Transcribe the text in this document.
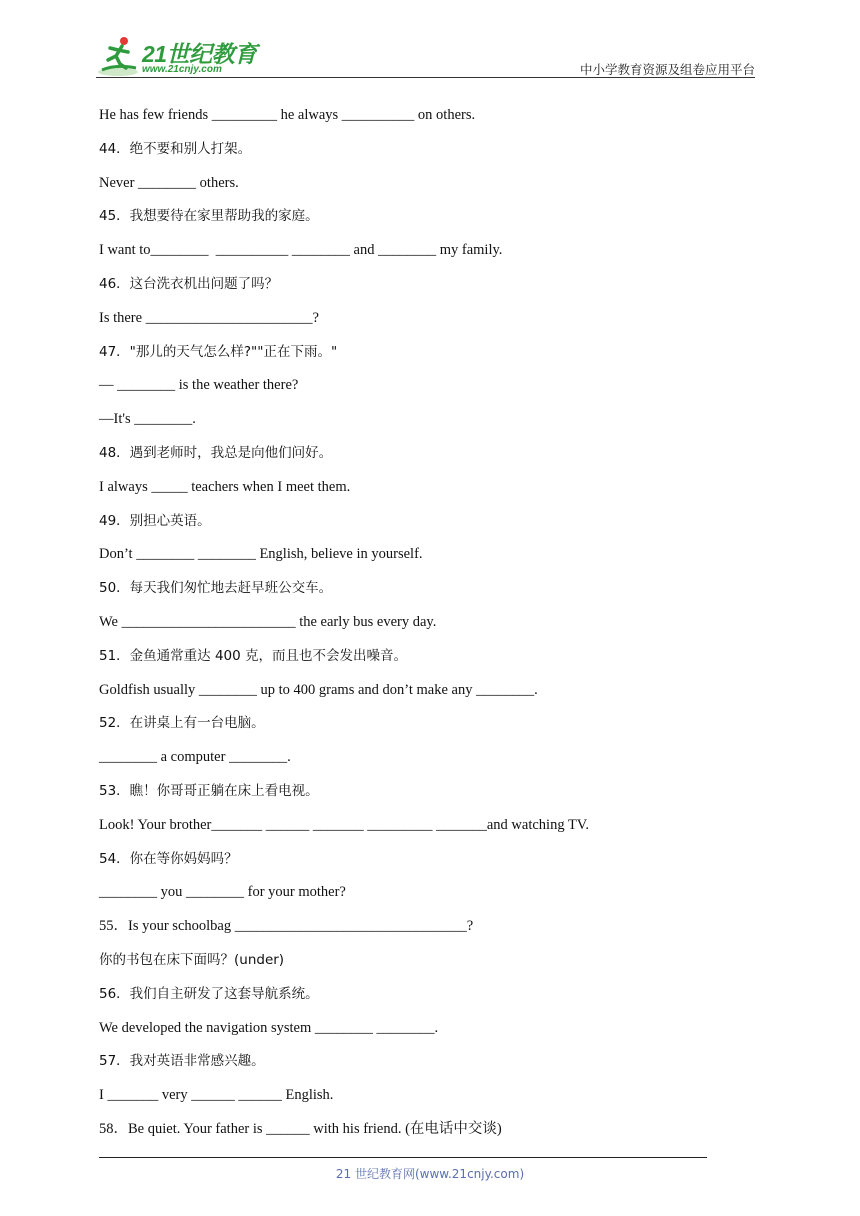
21世纪教育
www.21cnjy.com	中小学教育资源及组卷应用平台
He has few friends _________ he always __________ on others.
44．绝不要和别人打架。
Never ________ others.
45．我想要待在家里帮助我的家庭。
I want to________  __________ ________ and ________ my family.
46．这台洗衣机出问题了吗？
Is there _______________________?
47．"那儿的天气怎么样?""正在下雨。"
— ________ is the weather there?
—It's ________.
48．遇到老师时，我总是向他们问好。
I always _____ teachers when I meet them.
49．别担心英语。
Don’t ________ ________ English, believe in yourself.
50．每天我们匆忙地去赶早班公交车。
We ________________________ the early bus every day.
51．金鱼通常重达 400 克，而且也不会发出噪音。
Goldfish usually ________ up to 400 grams and don’t make any ________.
52．在讲桌上有一台电脑。
________ a computer ________.
53．瞧！你哥哥正躺在床上看电视。
Look! Your brother_______ ______ _______ _________ _______and watching TV.
54．你在等你妈妈吗？
________ you ________ for your mother?
55．Is your schoolbag ________________________________?
你的书包在床下面吗？(under)
56．我们自主研发了这套导航系统。
We developed the navigation system ________ ________.
57．我对英语非常感兴趣。
I _______ very ______ ______ English.
58．Be quiet. Your father is ______ with his friend. (在电话中交谈)
21 世纪教育网(www.21cnjy.com)
